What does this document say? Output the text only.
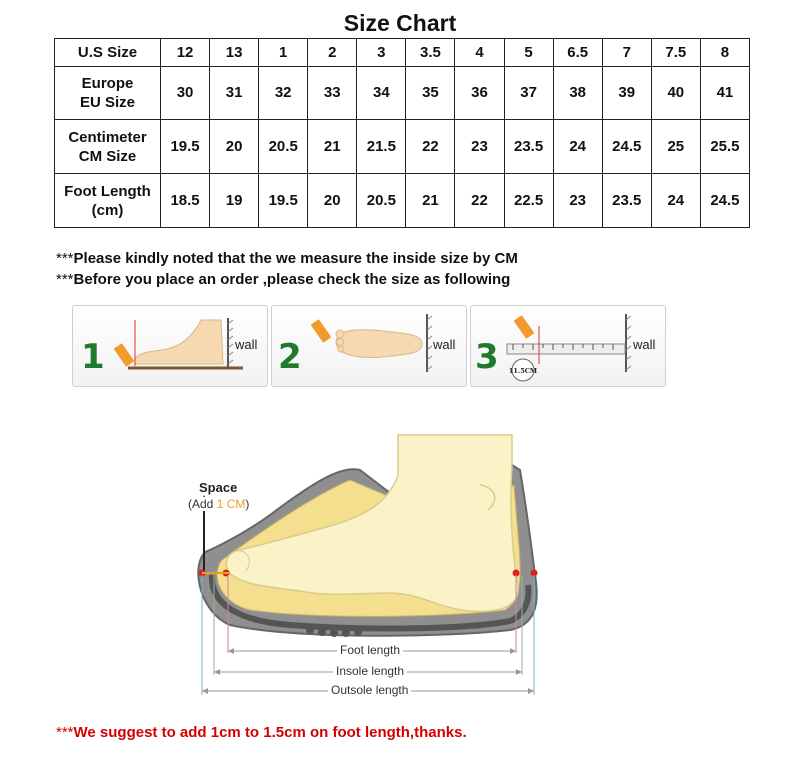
Size Chart
U.S Size	12	13	1	2	3	3.5	4	5	6.5	7	7.5	8

Europe
EU Size	30	31	32	33	34	35	36	37	38	39	40	41

Centimeter
CM Size	19.5	20	20.5	21	21.5	22	23	23.5	24	24.5	25	25.5

Foot Length
(cm)	18.5	19	19.5	20	20.5	21	22	22.5	23	23.5	24	24.5
***Please kindly noted that the we measure the inside size by CM
***Before you place an order ,please check the size as following
1	wall 2	wall 3 11.5CM
wall
Space
(Add 1 CM)
Foot length
Insole length
Outsole length
***We suggest to add 1cm to 1.5cm on foot length,thanks.
